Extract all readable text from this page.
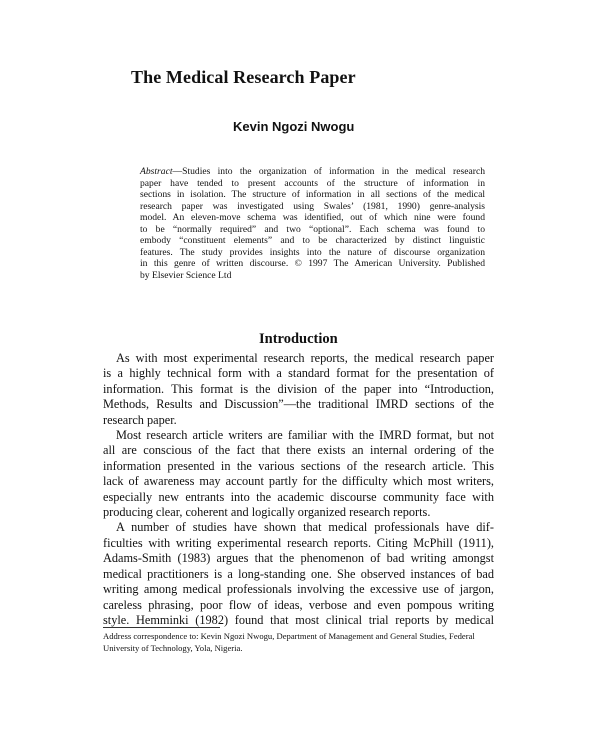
The Medical Research Paper
Kevin Ngozi Nwogu
Abstract—Studies into the organization of information in the medical research
paper have tended to present accounts of the structure of information in
sections in isolation. The structure of information in all sections of the medical
research paper was investigated using Swales’ (1981, 1990) genre-analysis
model. An eleven-move schema was identified, out of which nine were found
to be “normally required” and two “optional”. Each schema was found to
embody “constituent elements” and to be characterized by distinct linguistic
features. The study provides insights into the nature of discourse organization
in this genre of written discourse. © 1997 The American University. Published
by Elsevier Science Ltd
Introduction
As with most experimental research reports, the medical research paper
is a highly technical form with a standard format for the presentation of
information. This format is the division of the paper into “Introduction,
Methods, Results and Discussion”—the traditional IMRD sections of the
research paper.
Most research article writers are familiar with the IMRD format, but not
all are conscious of the fact that there exists an internal ordering of the
information presented in the various sections of the research article. This
lack of awareness may account partly for the difficulty which most writers,
especially new entrants into the academic discourse community face with
producing clear, coherent and logically organized research reports.
A number of studies have shown that medical professionals have dif-
ficulties with writing experimental research reports. Citing McPhill (1911),
Adams-Smith (1983) argues that the phenomenon of bad writing amongst
medical practitioners is a long-standing one. She observed instances of bad
writing among medical professionals involving the excessive use of jargon,
careless phrasing, poor flow of ideas, verbose and even pompous writing
style. Hemminki (1982) found that most clinical trial reports by medical
Address correspondence to: Kevin Ngozi Nwogu, Department of Management and General Studies, Federal
University of Technology, Yola, Nigeria.
